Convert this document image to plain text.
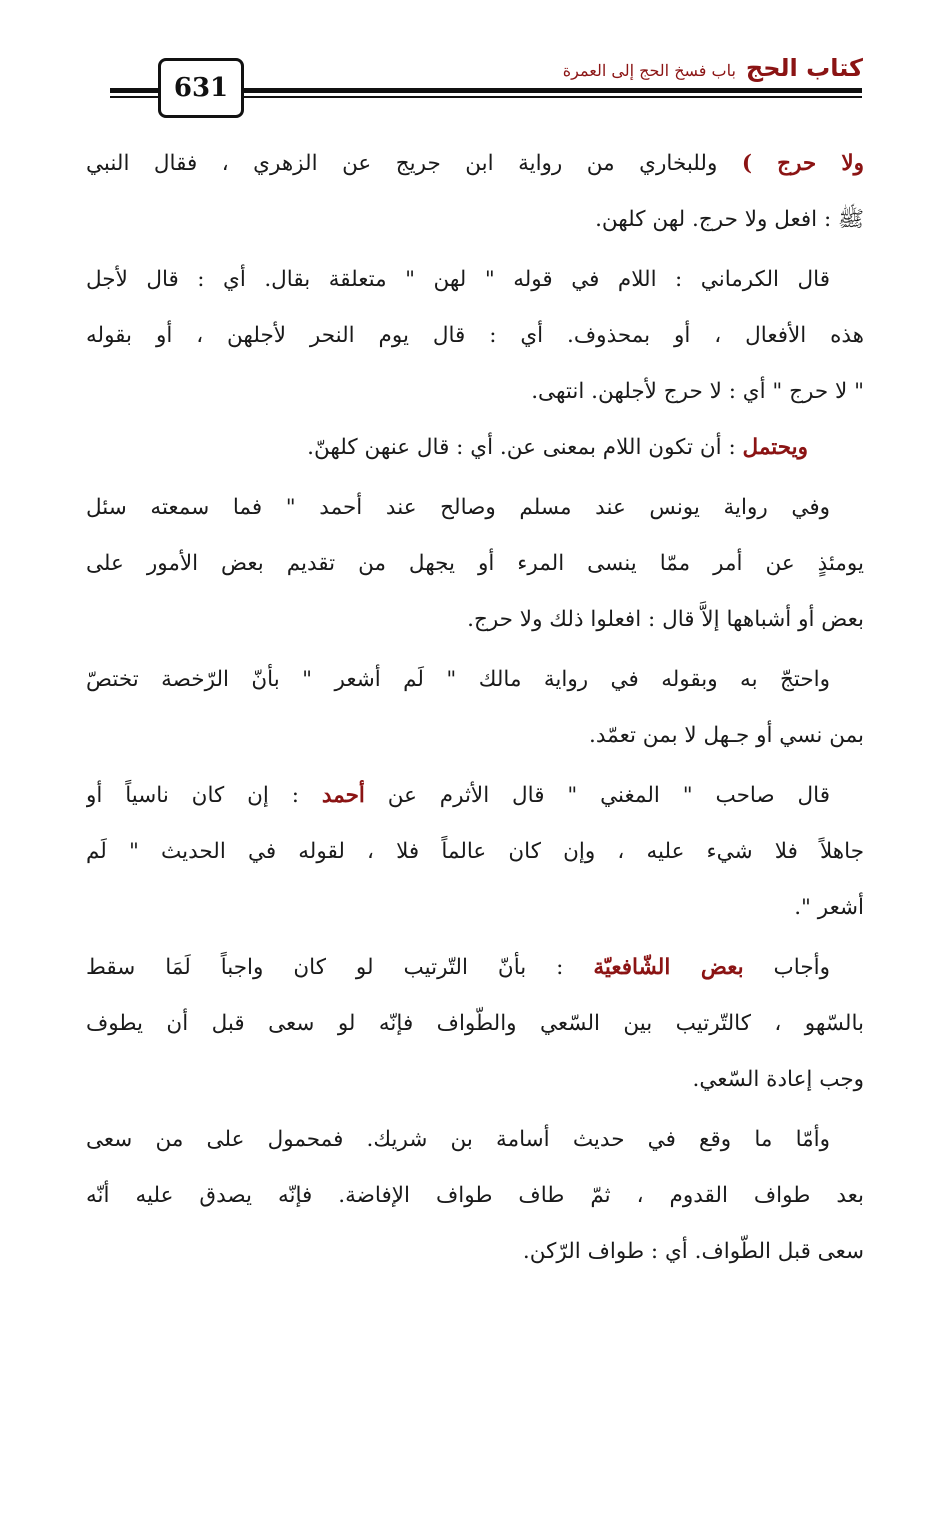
كتاب الحج
باب فسخ الحج إلى العمرة
631
ولا حرج ) وللبخاري من رواية ابن جريج عن الزهري ، فقال النبي
ﷺ : افعل ولا حرج. لهن كلهن.
قال الكرماني : اللام في قوله " لهن " متعلقة بقال. أي : قال لأجل
هذه الأفعال ، أو بمحذوف. أي : قال يوم النحر لأجلهن ، أو بقوله
" لا حرج " أي : لا حرج لأجلهن. انتهى.
ويحتمل : أن تكون اللام بمعنى عن. أي : قال عنهن كلهنّ.
وفي رواية يونس عند مسلم وصالح عند أحمد " فما سمعته سئل
يومئذٍ عن أمر ممّا ينسى المرء أو يجهل من تقديم بعض الأمور على
بعض أو أشباهها إلاَّ قال : افعلوا ذلك ولا حرج.
واحتجّ به وبقوله في رواية مالك " لَم أشعر " بأنّ الرّخصة تختصّ
بمن نسي أو جـهل لا بمن تعمّد.
قال صاحب " المغني " قال الأثرم عن أحمد : إن كان ناسياً أو
جاهلاً فلا شيء عليه ، وإن كان عالماً فلا ، لقوله في الحديث " لَم
أشعر ".
وأجاب بعض الشّافعيّة : بأنّ التّرتيب لو كان واجباً لَمَا سقط
بالسّهو ، كالتّرتيب بين السّعي والطّواف فإنّه لو سعى قبل أن يطوف
وجب إعادة السّعي.
وأمّا ما وقع في حديث أسامة بن شريك. فمحمول على من سعى
بعد طواف القدوم ، ثمّ طاف طواف الإفاضة. فإنّه يصدق عليه أنّه
سعى قبل الطّواف. أي : طواف الرّكن.
